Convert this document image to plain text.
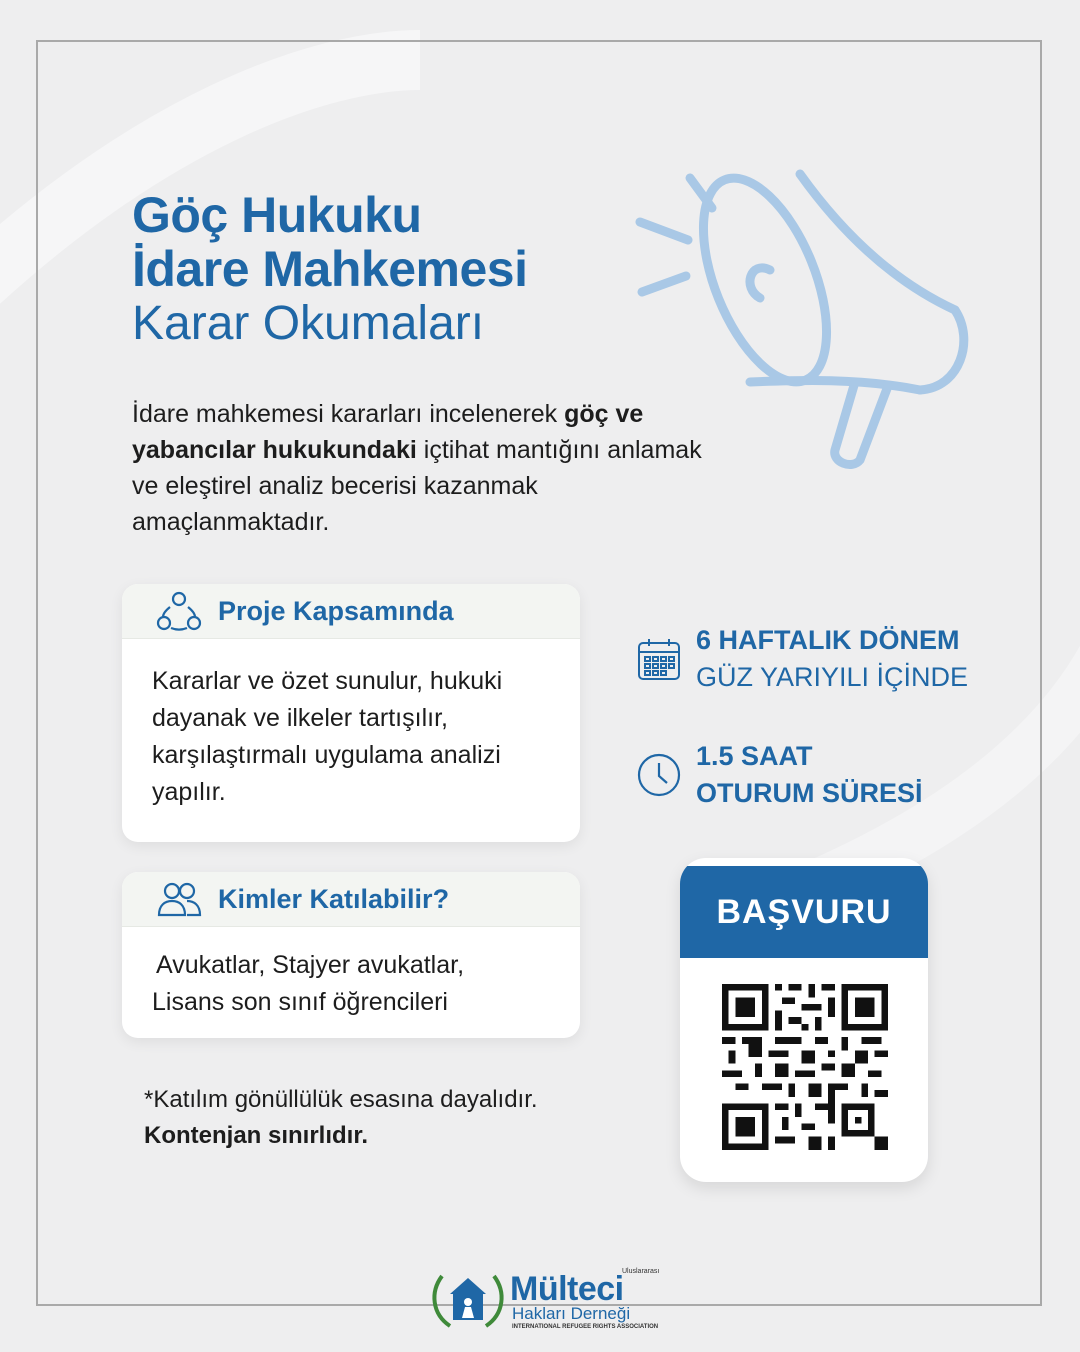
Göç Hukuku
İdare Mahkemesi
Karar Okumaları
İdare mahkemesi kararları incelenerek göç ve yabancılar hukukundaki içtihat mantığını anlamak ve eleştirel analiz becerisi kazanmak amaçlanmaktadır.
Proje Kapsamında
Kararlar ve özet sunulur, hukuki dayanak ve ilkeler tartışılır, karşılaştırmalı uygulama analizi yapılır.
Kimler Katılabilir?
Avukatlar, Stajyer avukatlar,
Lisans son sınıf öğrencileri
6 HAFTALIK DÖNEM
GÜZ YARIYILI İÇİNDE
1.5 SAAT
OTURUM SÜRESİ
BAŞVURU
*Katılım gönüllülük esasına dayalıdır.
Kontenjan sınırlıdır.
Uluslararası
Mülteci
Hakları Derneği
INTERNATIONAL REFUGEE RIGHTS ASSOCIATION
